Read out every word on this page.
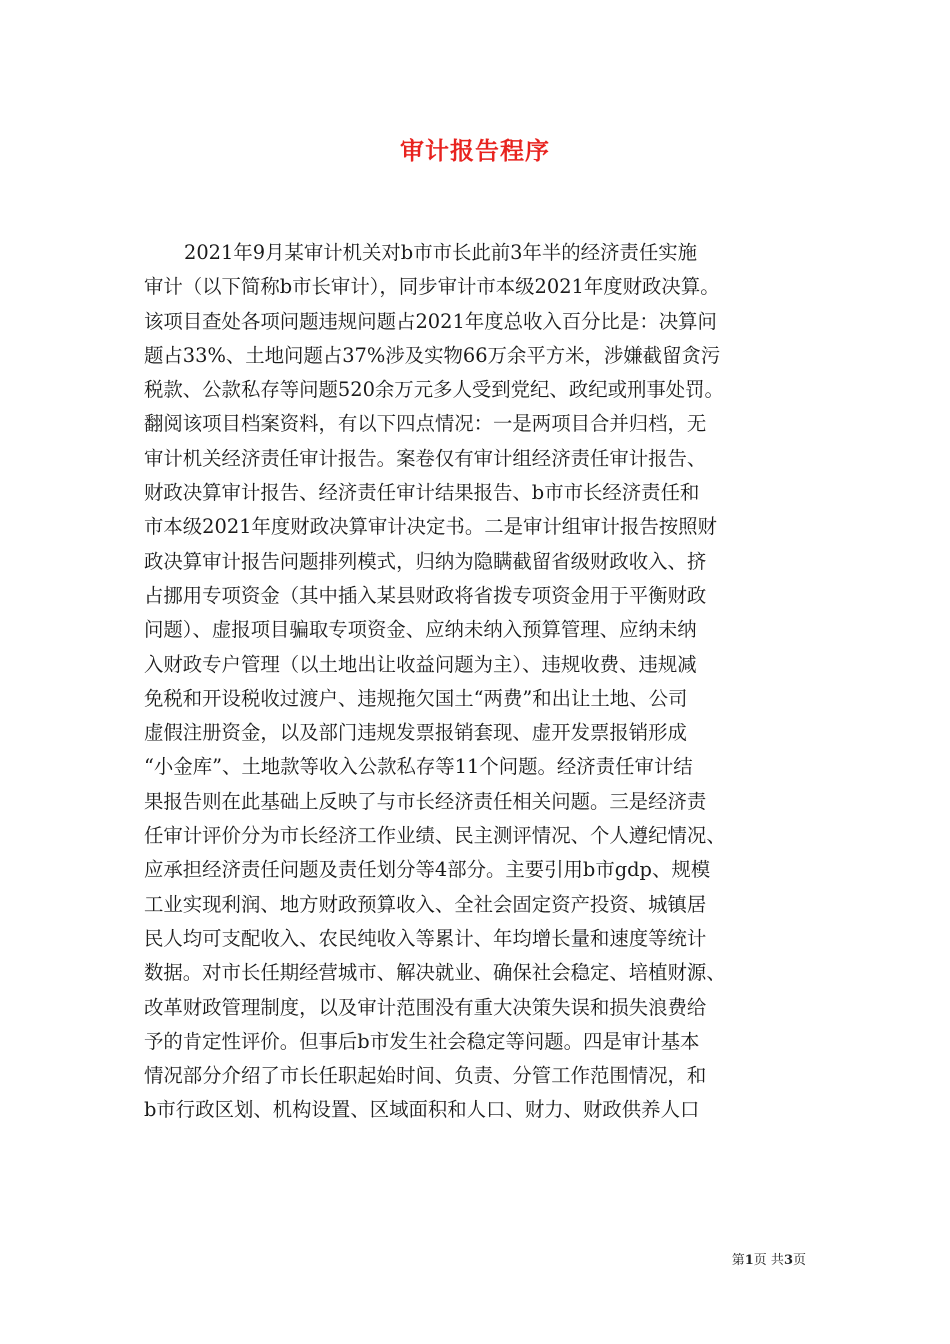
审计报告程序
2021年9月某审计机关对b市市长此前3年半的经济责任实施
审计（以下简称b市长审计），同步审计市本级2021年度财政决算。
该项目查处各项问题违规问题占2021年度总收入百分比是：决算问
题占33%、土地问题占37%涉及实物66万余平方米，涉嫌截留贪污
税款、公款私存等问题520余万元多人受到党纪、政纪或刑事处罚。
翻阅该项目档案资料，有以下四点情况：一是两项目合并归档，无
审计机关经济责任审计报告。案卷仅有审计组经济责任审计报告、
财政决算审计报告、经济责任审计结果报告、b市市长经济责任和
市本级2021年度财政决算审计决定书。二是审计组审计报告按照财
政决算审计报告问题排列模式，归纳为隐瞒截留省级财政收入、挤
占挪用专项资金（其中插入某县财政将省拨专项资金用于平衡财政
问题）、虚报项目骗取专项资金、应纳未纳入预算管理、应纳未纳
入财政专户管理（以土地出让收益问题为主）、违规收费、违规减
免税和开设税收过渡户、违规拖欠国土“两费”和出让土地、公司
虚假注册资金，以及部门违规发票报销套现、虚开发票报销形成
“小金库”、土地款等收入公款私存等11个问题。经济责任审计结
果报告则在此基础上反映了与市长经济责任相关问题。三是经济责
任审计评价分为市长经济工作业绩、民主测评情况、个人遵纪情况、
应承担经济责任问题及责任划分等4部分。主要引用b市gdp、规模
工业实现利润、地方财政预算收入、全社会固定资产投资、城镇居
民人均可支配收入、农民纯收入等累计、年均增长量和速度等统计
数据。对市长任期经营城市、解决就业、确保社会稳定、培植财源、
改革财政管理制度，以及审计范围没有重大决策失误和损失浪费给
予的肯定性评价。但事后b市发生社会稳定等问题。四是审计基本
情况部分介绍了市长任职起始时间、负责、分管工作范围情况，和
b市行政区划、机构设置、区域面积和人口、财力、财政供养人口
第1页 共3页
